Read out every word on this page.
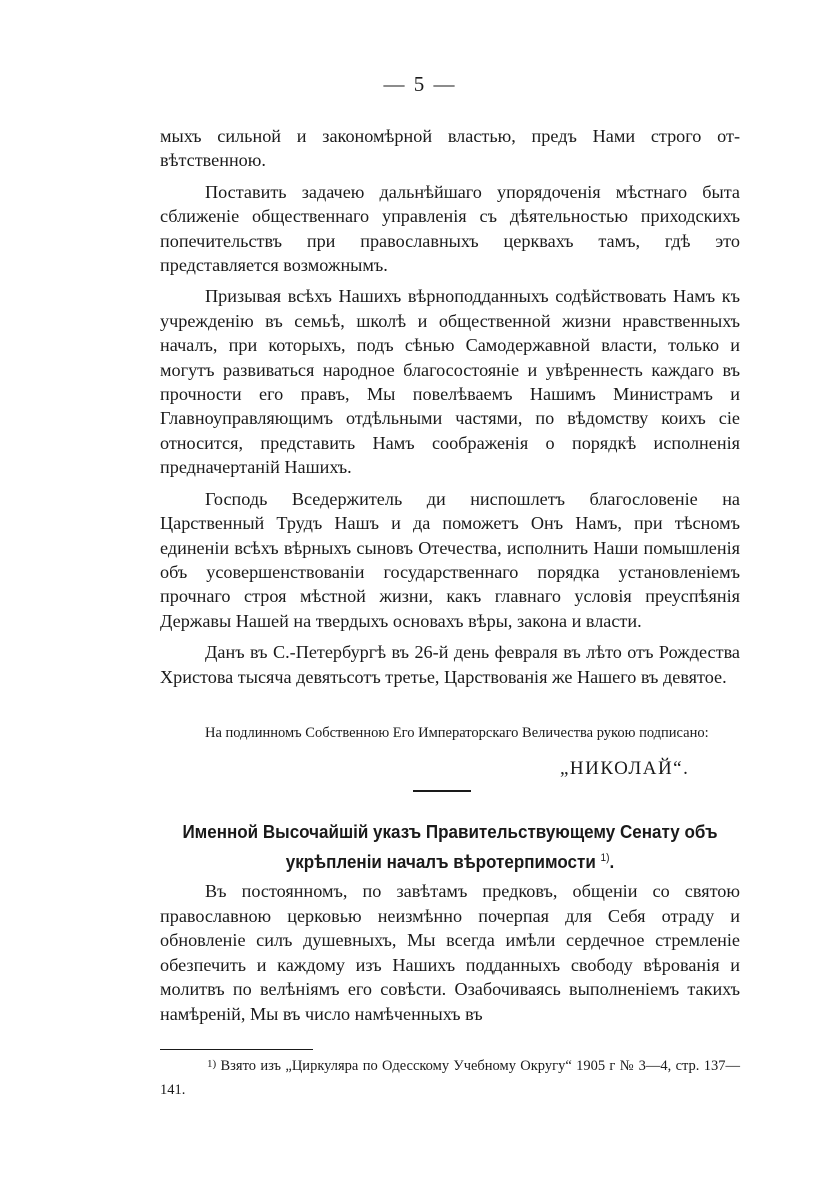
— 5 —

мыхъ сильной и закономѣрной властью, предъ Нами строго отвѣтственною.

Поставить задачею дальнѣйшаго упорядоченія мѣстнаго быта сближеніе общественнаго управленія съ дѣятельностью приходскихъ попечительствъ при православныхъ церквахъ тамъ, гдѣ это представляется возможнымъ.

Призывая всѣхъ Нашихъ вѣрноподданныхъ содѣйствовать Намъ къ учрежденію въ семьѣ, школѣ и общественной жизни нравственныхъ началъ, при которыхъ, подъ сѣнью Самодержавной власти, только и могутъ развиваться народное благосостояніе и увѣреннесть каждаго въ прочности его правъ, Мы повелѣваемъ Нашимъ Министрамъ и Главноуправляющимъ отдѣльными частями, по вѣдомству коихъ сіе относится, представить Намъ соображенія о порядкѣ исполненія предначертаній Нашихъ.

Господь Вседержитель ди ниспошлетъ благословеніе на Царственный Трудъ Нашъ и да поможетъ Онъ Намъ, при тѣсномъ единеніи всѣхъ вѣрныхъ сыновъ Отечества, исполнить Наши помышленія объ усовершенствованіи государственнаго порядка установленіемъ прочнаго строя мѣстной жизни, какъ главнаго условія преуспѣянія Державы Нашей на твердыхъ основахъ вѣры, закона и власти.

Данъ въ С.-Петербургѣ въ 26-й день февраля въ лѣто отъ Рождества Христова тысяча девятьсотъ третье, Царствованія же Нашего въ девятое.

На подлинномъ Собственною Его Императорскаго Величества рукою подписано:
„НИКОЛАЙ“.
Именной Высочайшій указъ Правительствующему Сенату объ
укрѣпленіи началъ вѣротерпимости $^{1)}$.

Въ постоянномъ, по завѣтамъ предковъ, общеніи со святою православною церковью неизмѣнно почерпая для Себя отраду и обновленіе силъ душевныхъ, Мы всегда имѣли сердечное стремленіе обезпечить и каждому изъ Нашихъ подданныхъ свободу вѣрованія и молитвъ по велѣніямъ его совѣсти. Озабочиваясь выполненіемъ такихъ намѣреній, Мы въ число намѣченныхъ въ

$^{1)}$ Взято изъ „Циркуляра по Одесскому Учебному Округу“ 1905 г № 3—4, стр. 137—141.
